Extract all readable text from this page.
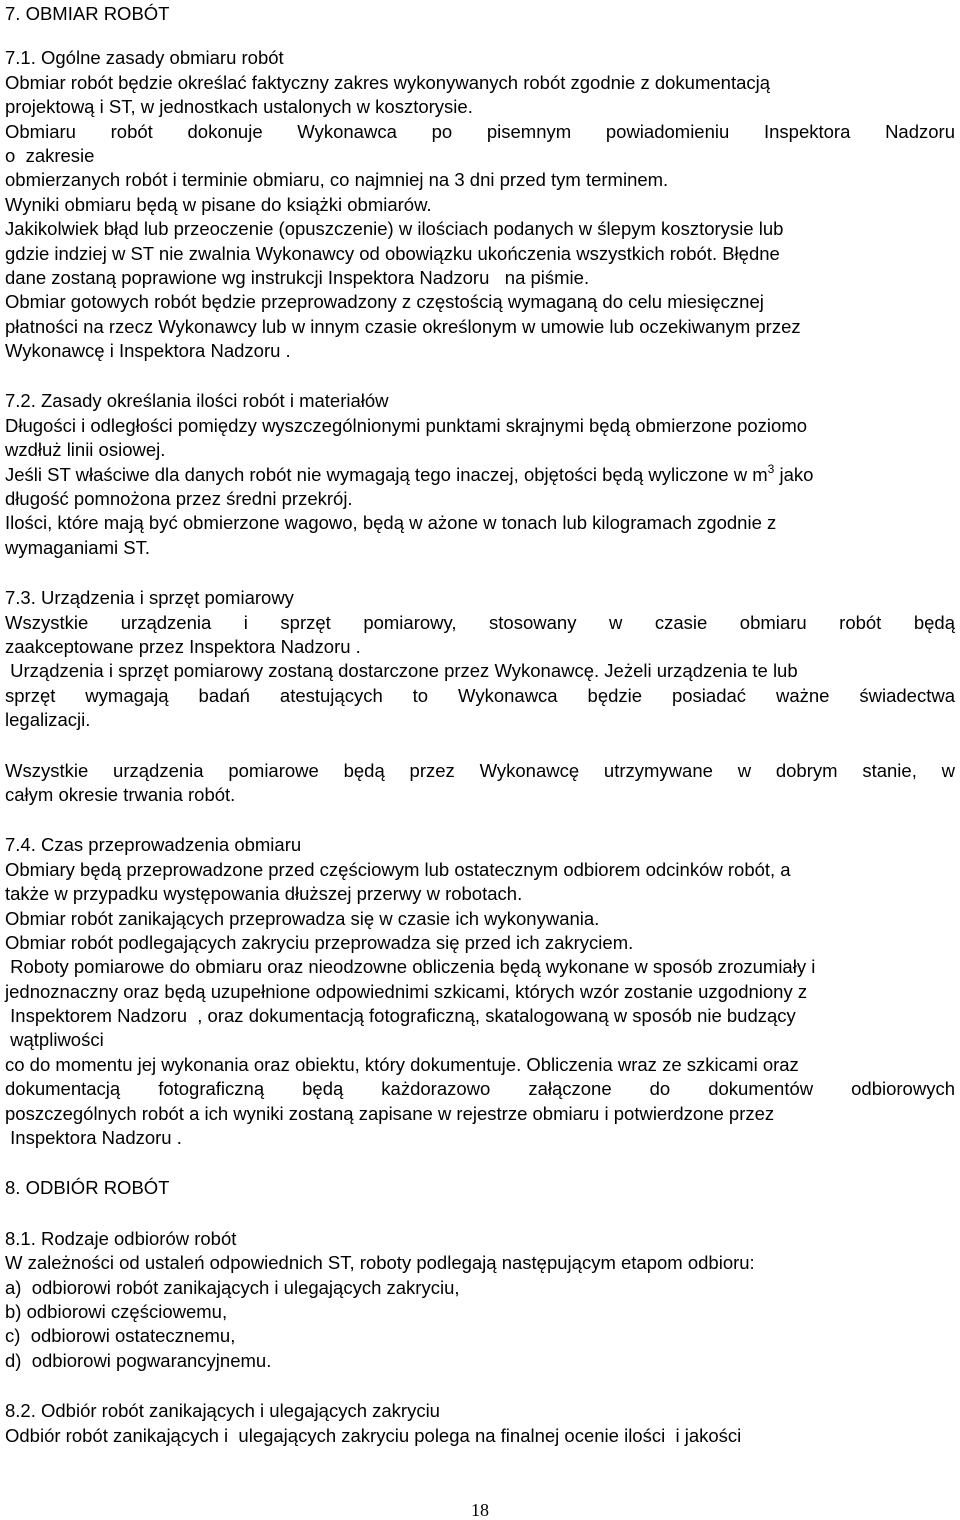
7. OBMIAR ROBÓT
7.1. Ogólne zasady obmiaru robót
Obmiar robót będzie określać faktyczny zakres wykonywanych robót zgodnie z dokumentacją
projektową i ST, w jednostkach ustalonych w kosztorysie.
Obmiaru robót dokonuje Wykonawca po pisemnym powiadomieniu Inspektora Nadzoru
o  zakresie
obmierzanych robót i terminie obmiaru, co najmniej na 3 dni przed tym terminem.
Wyniki obmiaru będą w pisane do książki obmiarów.
Jakikolwiek błąd lub przeoczenie (opuszczenie) w ilościach podanych w ślepym kosztorysie lub
gdzie indziej w ST nie zwalnia Wykonawcy od obowiązku ukończenia wszystkich robót. Błędne
dane zostaną poprawione wg instrukcji Inspektora Nadzoru   na piśmie.
Obmiar gotowych robót będzie przeprowadzony z częstością wymaganą do celu miesięcznej
płatności na rzecz Wykonawcy lub w innym czasie określonym w umowie lub oczekiwanym przez
Wykonawcę i Inspektora Nadzoru .
7.2. Zasady określania ilości robót i materiałów
Długości i odległości pomiędzy wyszczególnionymi punktami skrajnymi będą obmierzone poziomo
wzdłuż linii osiowej.
Jeśli ST właściwe dla danych robót nie wymagają tego inaczej, objętości będą wyliczone w $m^3$ jako
długość pomnożona przez średni przekrój.
Ilości, które mają być obmierzone wagowo, będą w ażone w tonach lub kilogramach zgodnie z
wymaganiami ST.
7.3. Urządzenia i sprzęt pomiarowy
Wszystkie urządzenia i sprzęt pomiarowy, stosowany w czasie obmiaru robót będą
zaakceptowane przez Inspektora Nadzoru .
Urządzenia i sprzęt pomiarowy zostaną dostarczone przez Wykonawcę. Jeżeli urządzenia te lub
sprzęt wymagają badań atestujących to Wykonawca będzie posiadać ważne świadectwa
legalizacji.
Wszystkie urządzenia pomiarowe będą przez Wykonawcę utrzymywane w dobrym stanie, w
całym okresie trwania robót.
7.4. Czas przeprowadzenia obmiaru
Obmiary będą przeprowadzone przed częściowym lub ostatecznym odbiorem odcinków robót, a
także w przypadku występowania dłuższej przerwy w robotach.
Obmiar robót zanikających przeprowadza się w czasie ich wykonywania.
Obmiar robót podlegających zakryciu przeprowadza się przed ich zakryciem.
Roboty pomiarowe do obmiaru oraz nieodzowne obliczenia będą wykonane w sposób zrozumiały i
jednoznaczny oraz będą uzupełnione odpowiednimi szkicami, których wzór zostanie uzgodniony z
Inspektorem Nadzoru  , oraz dokumentacją fotograficzną, skatalogowaną w sposób nie budzący
wątpliwości
co do momentu jej wykonania oraz obiektu, który dokumentuje. Obliczenia wraz ze szkicami oraz
dokumentacją fotograficzną będą każdorazowo załączone do dokumentów odbiorowych
poszczególnych robót a ich wyniki zostaną zapisane w rejestrze obmiaru i potwierdzone przez
Inspektora Nadzoru .
8. ODBIÓR ROBÓT
8.1. Rodzaje odbiorów robót
W zależności od ustaleń odpowiednich ST, roboty podlegają następującym etapom odbioru:
a)  odbiorowi robót zanikających i ulegających zakryciu,
b) odbiorowi częściowemu,
c)  odbiorowi ostatecznemu,
d)  odbiorowi pogwarancyjnemu.
8.2. Odbiór robót zanikających i ulegających zakryciu
Odbiór robót zanikających i  ulegających zakryciu polega na finalnej ocenie ilości  i jakości
18
